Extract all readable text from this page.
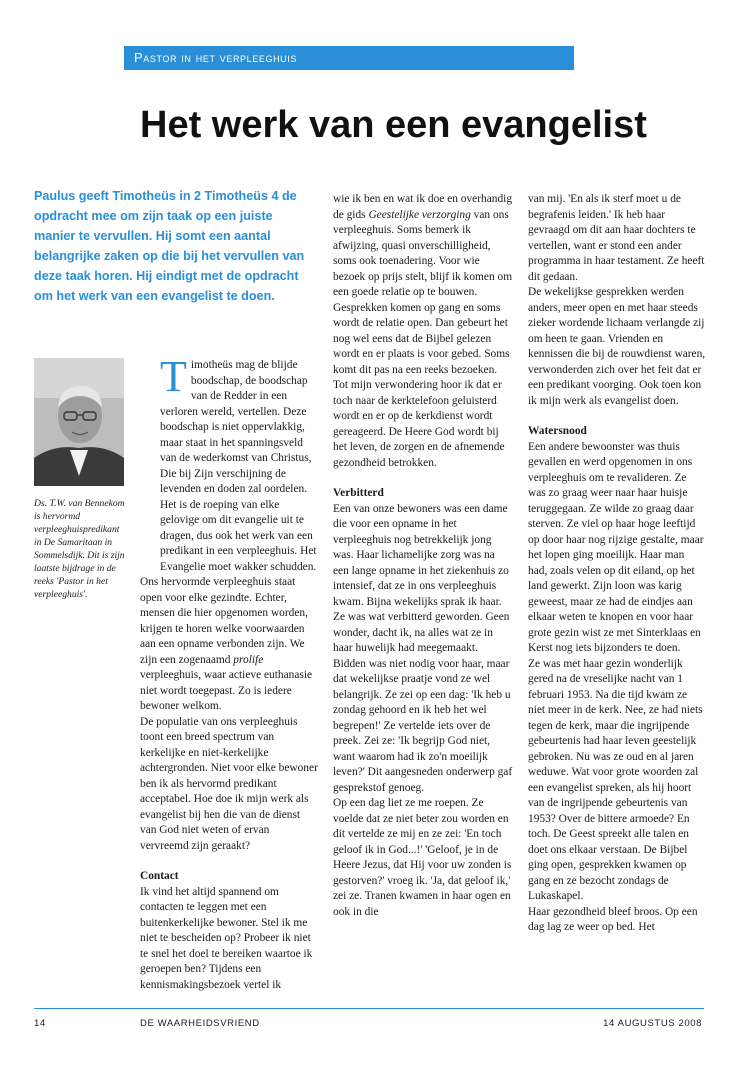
Pastor in het verpleeghuis
Het werk van een evangelist
Paulus geeft Timotheüs in 2 Timotheüs 4 de opdracht mee om zijn taak op een juiste manier te vervullen. Hij somt een aantal belangrijke zaken op die bij het vervullen van deze taak horen. Hij eindigt met de opdracht om het werk van een evangelist te doen.
Ds. T.W. van Bennekom is hervormd verpleeghuispredikant in De Samaritaan in Sommelsdijk. Dit is zijn laatste bijdrage in de reeks 'Pastor in het verpleeghuis'.

Timotheüs mag de blijde boodschap, de boodschap van de Redder in een verloren wereld, vertellen. Deze boodschap is niet oppervlakkig, maar staat in het spanningsveld van de wederkomst van Christus, Die bij Zijn verschijning de levenden en doden zal oordelen. Het is de roeping van elke gelovige om dit evangelie uit te dragen, dus ook het werk van een predikant in een verpleeghuis. Het Evangelie moet wakker schudden.

Ons hervormde verpleeghuis staat open voor elke gezindte. Echter, mensen die hier opgenomen worden, krijgen te horen welke voorwaarden aan een opname verbonden zijn. We zijn een zogenaamd prolife verpleeghuis, waar actieve euthanasie niet wordt toegepast. Zo is iedere bewoner welkom.

De populatie van ons verpleeghuis toont een breed spectrum van kerkelijke en niet-kerkelijke achtergronden. Niet voor elke bewoner ben ik als hervormd predikant acceptabel. Hoe doe ik mijn werk als evangelist bij hen die van de dienst van God niet weten of ervan vervreemd zijn geraakt?

Contact

Ik vind het altijd spannend om contacten te leggen met een buitenkerkelijke bewoner. Stel ik me niet te bescheiden op? Probeer ik niet te snel het doel te bereiken waartoe ik geroepen ben? Tijdens een kennismakingsbezoek vertel ik

wie ik ben en wat ik doe en overhandig de gids Geestelijke verzorging van ons verpleeghuis. Soms bemerk ik afwijzing, quasi onverschilligheid, soms ook toenadering. Voor wie bezoek op prijs stelt, blijf ik komen om een goede relatie op te bouwen.

Gesprekken komen op gang en soms wordt de relatie open. Dan gebeurt het nog wel eens dat de Bijbel gelezen wordt en er plaats is voor gebed. Soms komt dit pas na een reeks bezoeken.

Tot mijn verwondering hoor ik dat er toch naar de kerktelefoon geluisterd wordt en er op de kerkdienst wordt gereageerd. De Heere God wordt bij het leven, de zorgen en de afnemende gezondheid betrokken.

Verbitterd

Een van onze bewoners was een dame die voor een opname in het verpleeghuis nog betrekkelijk jong was. Haar lichamelijke zorg was na een lange opname in het ziekenhuis zo intensief, dat ze in ons verpleeghuis kwam. Bijna wekelijks sprak ik haar. Ze was wat verbitterd geworden. Geen wonder, dacht ik, na alles wat ze in haar huwelijk had meegemaakt. Bidden was niet nodig voor haar, maar dat wekelijkse praatje vond ze wel belangrijk. Ze zei op een dag: 'Ik heb u zondag gehoord en ik heb het wel begrepen!' Ze vertelde iets over de preek. Zei ze: 'Ik begrijp God niet, want waarom had ik zo'n moeilijk leven?' Dit aangesneden onderwerp gaf gesprekstof genoeg.

Op een dag liet ze me roepen. Ze voelde dat ze niet beter zou worden en dit vertelde ze mij en ze zei: 'En toch geloof ik in God...!' 'Geloof, je in de Heere Jezus, dat Hij voor uw zonden is gestorven?' vroeg ik. 'Ja, dat geloof ik,' zei ze. Tranen kwamen in haar ogen en ook in die

van mij. 'En als ik sterf moet u de begrafenis leiden.' Ik heb haar gevraagd om dit aan haar dochters te vertellen, want er stond een ander programma in haar testament. Ze heeft dit gedaan.

De wekelijkse gesprekken werden anders, meer open en met haar steeds zieker wordende lichaam verlangde zij om heen te gaan. Vrienden en kennissen die bij de rouwdienst waren, verwonderden zich over het feit dat er een predikant voorging. Ook toen kon ik mijn werk als evangelist doen.

Watersnood

Een andere bewoonster was thuis gevallen en werd opgenomen in ons verpleeghuis om te revalideren. Ze was zo graag weer naar haar huisje teruggegaan. Ze wilde zo graag daar sterven. Ze viel op haar hoge leeftijd op door haar nog rijzige gestalte, maar het lopen ging moeilijk. Haar man had, zoals velen op dit eiland, op het land gewerkt. Zijn loon was karig geweest, maar ze had de eindjes aan elkaar weten te knopen en voor haar grote gezin wist ze met Sinterklaas en Kerst nog iets bijzonders te doen.

Ze was met haar gezin wonderlijk gered na de vreselijke nacht van 1 februari 1953. Na die tijd kwam ze niet meer in de kerk. Nee, ze had niets tegen de kerk, maar die ingrijpende gebeurtenis had haar leven geestelijk gebroken. Nu was ze oud en al jaren weduwe. Wat voor grote woorden zal een evangelist spreken, als hij hoort van de ingrijpende gebeurtenis van 1953? Over de bittere armoede? En toch. De Geest spreekt alle talen en doet ons elkaar verstaan. De Bijbel ging open, gesprekken kwamen op gang en ze bezocht zondags de Lukaskapel.

Haar gezondheid bleef broos. Op een dag lag ze weer op bed. Het

14	DE WAARHEIDSVRIEND	14 AUGUSTUS 2008
